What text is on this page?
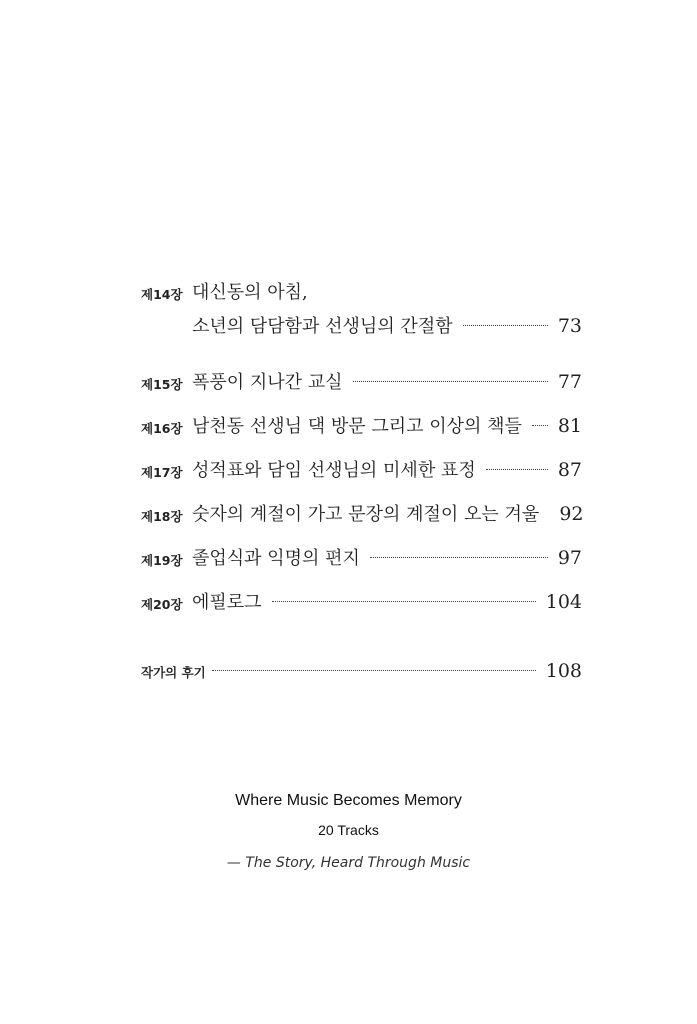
제14장 대신동의 아침,
소년의 담담함과 선생님의 간절함	73
제15장 폭풍이 지나간 교실	77
제16장 남천동 선생님 댁 방문 그리고 이상의 책들 81
제17장 성적표와 담임 선생님의 미세한 표정	87
제18장 숫자의 계절이 가고 문장의 계절이 오는 겨울 92
제19장 졸업식과 익명의 편지	97
제20장 에필로그	104
작가의 후기	108
Where Music Becomes Memory
20 Tracks
— The Story, Heard Through Music
